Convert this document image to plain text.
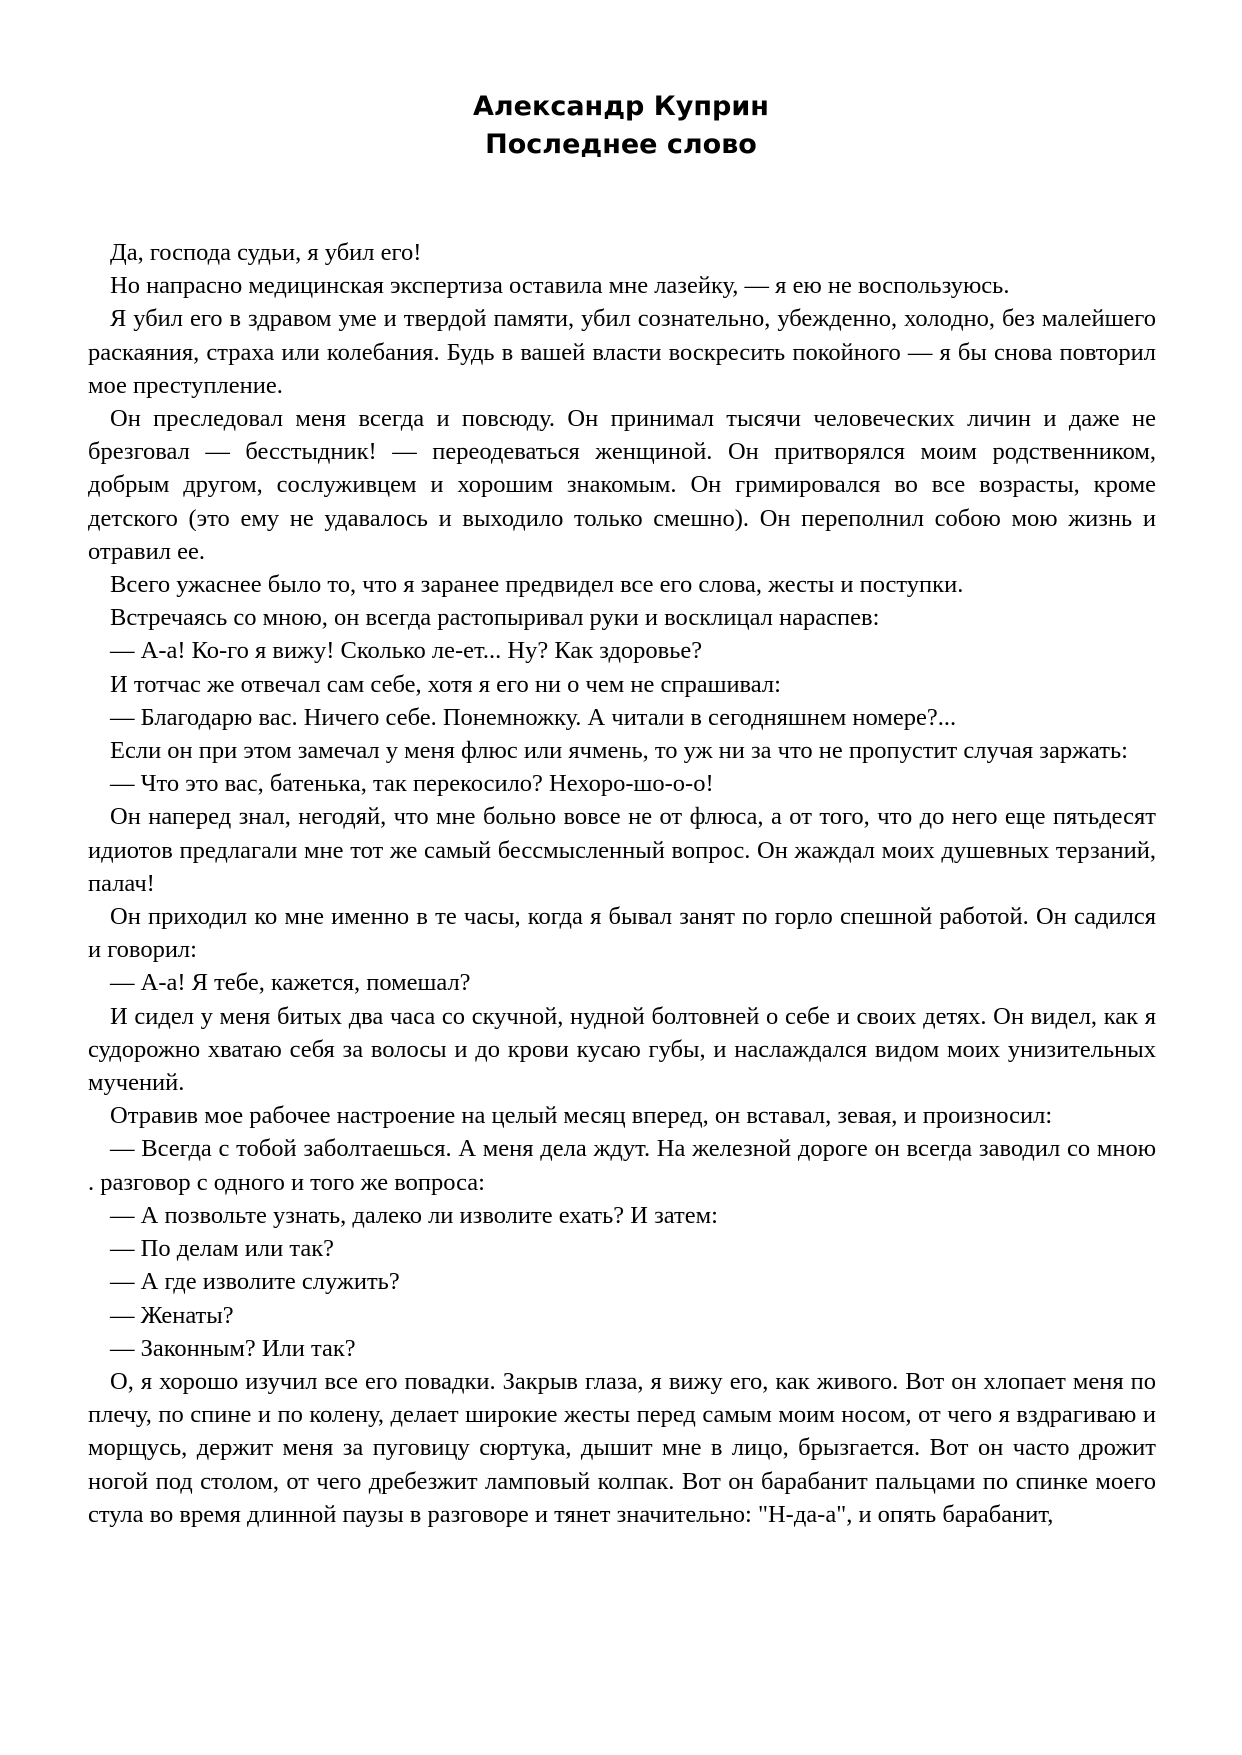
Александр Куприн
Последнее слово

Да, господа судьи, я убил его!

Но напрасно медицинская экспертиза оставила мне лазейку, — я ею не воспользуюсь.

Я убил его в здравом уме и твердой памяти, убил сознательно, убежденно, холодно, без малейшего раскаяния, страха или колебания. Будь в вашей власти воскресить покойного — я бы снова повторил мое преступление.

Он преследовал меня всегда и повсюду. Он принимал тысячи человеческих личин и даже не брезговал — бесстыдник! — переодеваться женщиной. Он притворялся моим родственником, добрым другом, сослуживцем и хорошим знакомым. Он гримировался во все возрасты, кроме детского (это ему не удавалось и выходило только смешно). Он переполнил собою мою жизнь и отравил ее.

Всего ужаснее было то, что я заранее предвидел все его слова, жесты и поступки.

Встречаясь со мною, он всегда растопыривал руки и восклицал нараспев:

— А-а! Ко-го я вижу! Сколько ле-ет... Ну? Как здоровье?

И тотчас же отвечал сам себе, хотя я его ни о чем не спрашивал:

— Благодарю вас. Ничего себе. Понемножку. А читали в сегодняшнем номере?...

Если он при этом замечал у меня флюс или ячмень, то уж ни за что не пропустит случая заржать:

— Что это вас, батенька, так перекосило? Нехоро-шо-о-о!

Он наперед знал, негодяй, что мне больно вовсе не от флюса, а от того, что до него еще пятьдесят идиотов предлагали мне тот же самый бессмысленный вопрос. Он жаждал моих душевных терзаний, палач!

Он приходил ко мне именно в те часы, когда я бывал занят по горло спешной работой. Он садился и говорил:

— А-а! Я тебе, кажется, помешал?

И сидел у меня битых два часа со скучной, нудной болтовней о себе и своих детях. Он видел, как я судорожно хватаю себя за волосы и до крови кусаю губы, и наслаждался видом моих унизительных мучений.

Отравив мое рабочее настроение на целый месяц вперед, он вставал, зевая, и произносил:

— Всегда с тобой заболтаешься. А меня дела ждут. На железной дороге он всегда заводил со мною . разговор с одного и того же вопроса:

— А позвольте узнать, далеко ли изволите ехать? И затем:

— По делам или так?

— А где изволите служить?

— Женаты?

— Законным? Или так?

О, я хорошо изучил все его повадки. Закрыв глаза, я вижу его, как живого. Вот он хлопает меня по плечу, по спине и по колену, делает широкие жесты перед самым моим носом, от чего я вздрагиваю и морщусь, держит меня за пуговицу сюртука, дышит мне в лицо, брызгается. Вот он часто дрожит ногой под столом, от чего дребезжит ламповый колпак. Вот он барабанит пальцами по спинке моего стула во время длинной паузы в разговоре и тянет значительно: "Н-да-а", и опять барабанит,
